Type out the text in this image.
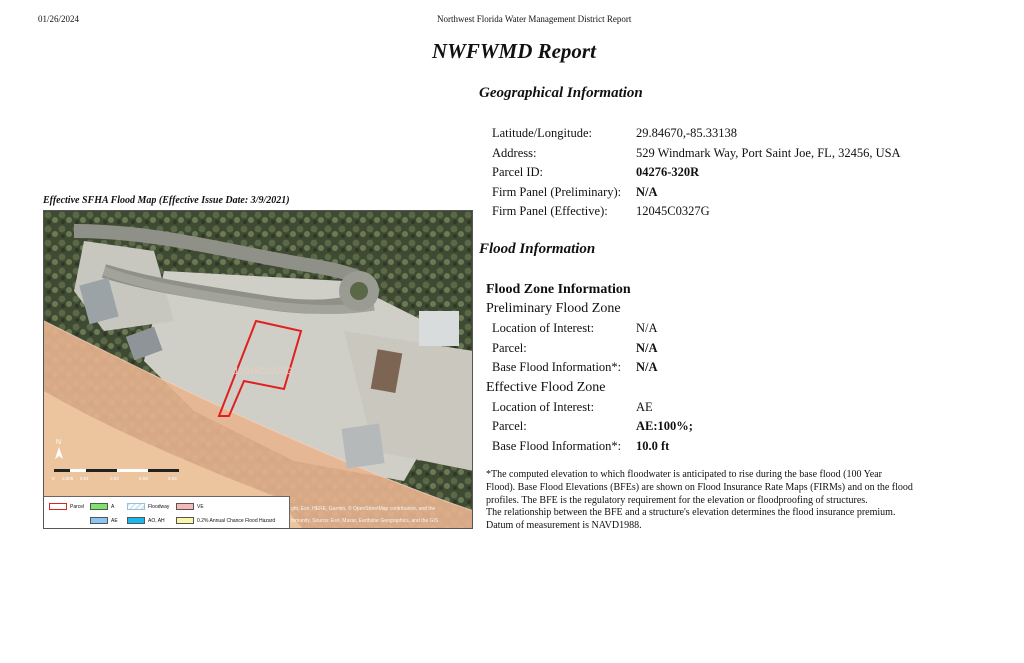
01/26/2024	Northwest Florida Water Management District Report
NWFWMD Report
Geographical Information
Latitude/Longitude:	29.84670,-85.33138
Address:	529 Windmark Way, Port Saint Joe, FL, 32456, USA
Parcel ID:	04276-320R
Firm Panel (Preliminary): N/A
Firm Panel (Effective): 12045C0327G
Effective SFHA Flood Map (Effective Issue Date: 3/9/2021)
12045C0327G
N
0 0.005 0.01	0.02	0.03	0.04
ght, Esri, HERE, Garmin, © OpenStreetMap contributors, and the
mmunity, Source: Esri, Maxar, Earthstar Geographics, and the GIS
Parcel	A	Floodway	VE
AE	AO, AH	0.2% Annual Chance Flood Hazard
Flood Information
Flood Zone Information
Preliminary Flood Zone
Location of Interest:	N/A
Parcel:	N/A
Base Flood Information*: N/A
Effective Flood Zone
Location of Interest:	AE
Parcel:	AE:100%;
Base Flood Information*: 10.0 ft
*The computed elevation to which floodwater is anticipated to rise during the base flood (100 Year
Flood). Base Flood Elevations (BFEs) are shown on Flood Insurance Rate Maps (FIRMs) and on the flood
profiles. The BFE is the regulatory requirement for the elevation or floodproofing of structures.
The relationship between the BFE and a structure's elevation determines the flood insurance premium.
Datum of measurement is NAVD1988.
